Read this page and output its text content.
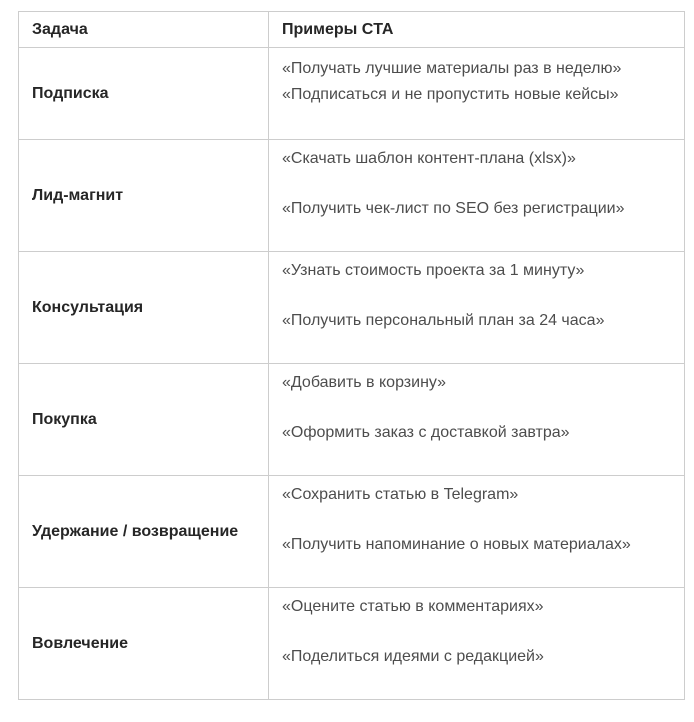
Задача	Примеры CTA
Подписка	«Получать лучшие материалы раз в неделю»

«Подписаться и не пропустить новые кейсы»

Лид-магнит	«Скачать шаблон контент-плана (xlsx)»

«Получить чек-лист по SEO без регистрации»

Консультация	«Узнать стоимость проекта за 1 минуту»

«Получить персональный план за 24 часа»

Покупка	«Добавить в корзину»

«Оформить заказ с доставкой завтра»

Удержание / возвращение	«Сохранить статью в Telegram»

«Получить напоминание о новых материалах»

Вовлечение	«Оцените статью в комментариях»

«Поделиться идеями с редакцией»
